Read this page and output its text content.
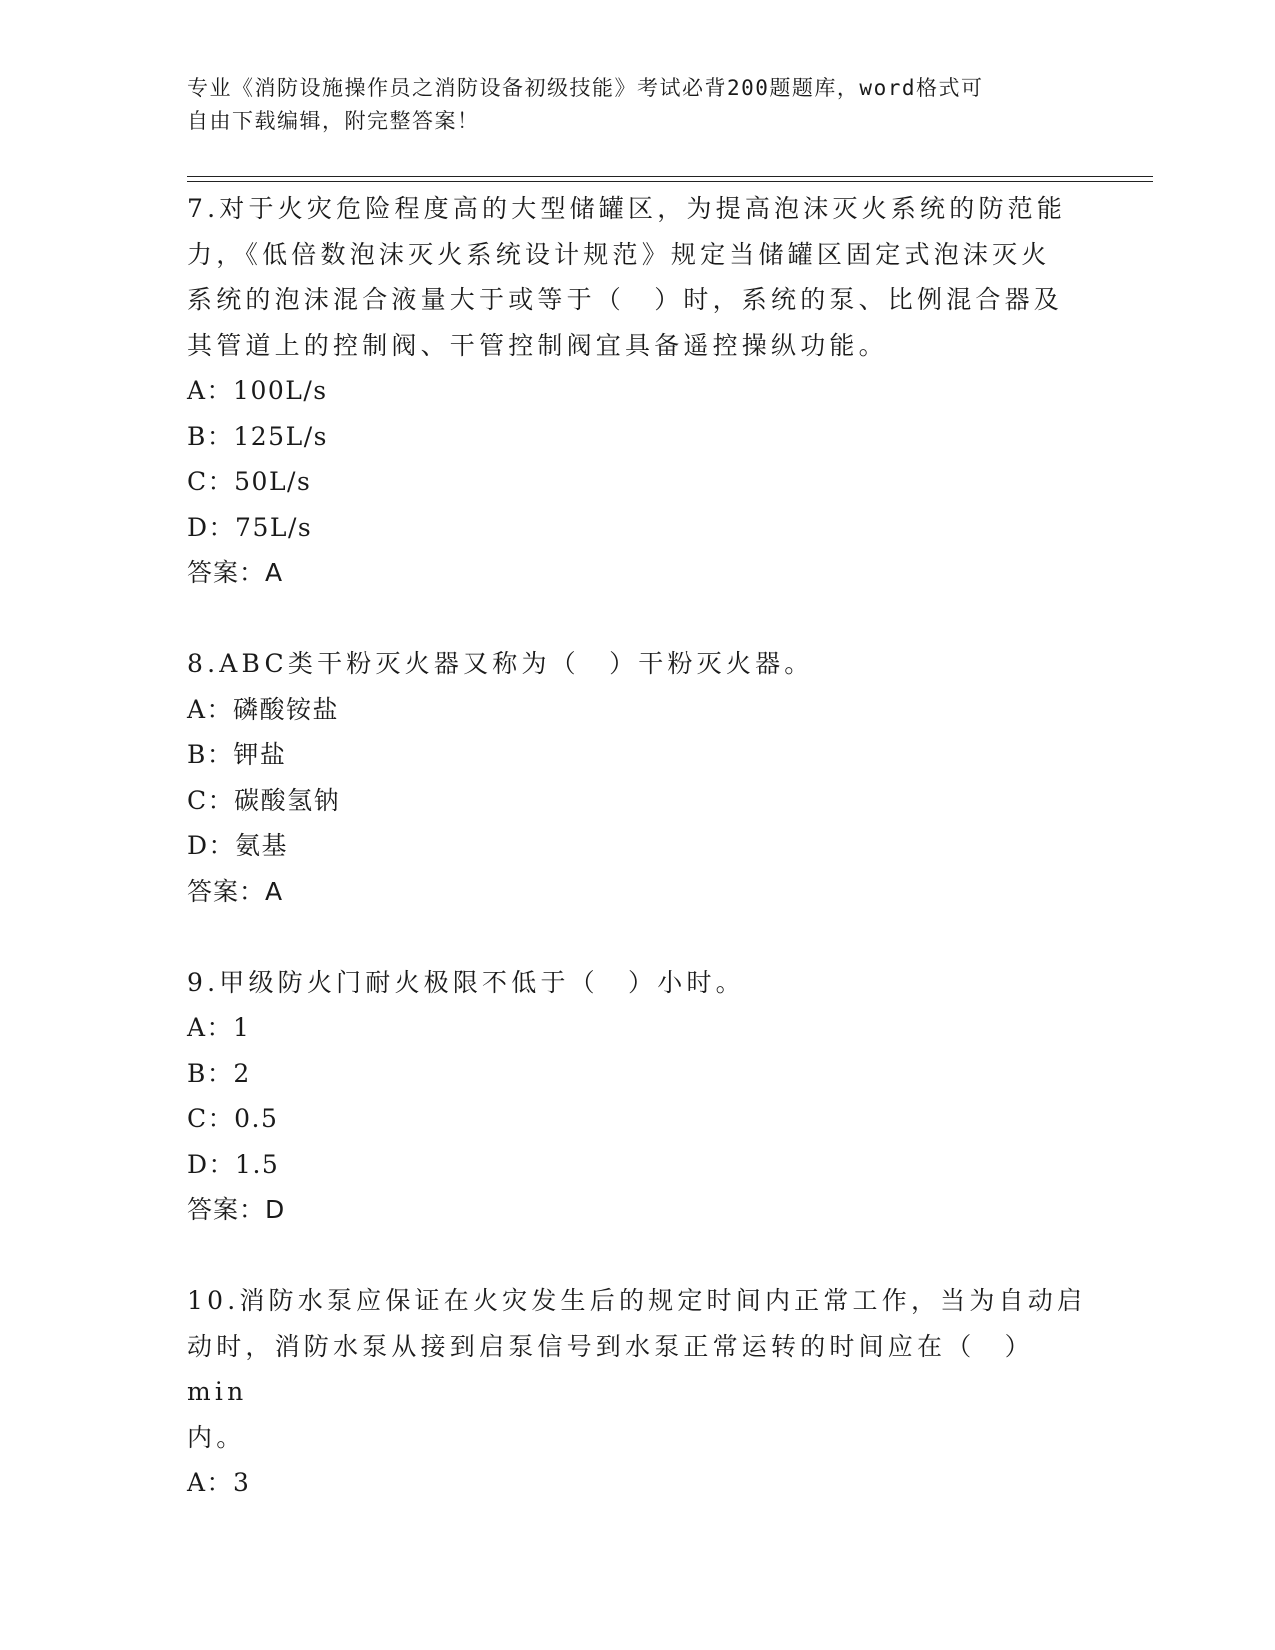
专业《消防设施操作员之消防设备初级技能》考试必背200题题库，word格式可
自由下载编辑，附完整答案！

7.对于火灾危险程度高的大型储罐区，为提高泡沫灭火系统的防范能

力，《低倍数泡沫灭火系统设计规范》规定当储罐区固定式泡沫灭火

系统的泡沫混合液量大于或等于（　）时，系统的泵、比例混合器及

其管道上的控制阀、干管控制阀宜具备遥控操纵功能。

A：100L/s

B：125L/s

C：50L/s

D：75L/s

答案：A

8.ABC类干粉灭火器又称为（　）干粉灭火器。

A：磷酸铵盐

B：钾盐

C：碳酸氢钠

D：氨基

答案：A

9.甲级防火门耐火极限不低于（　）小时。

A：1

B：2

C：0.5

D：1.5

答案：D

10.消防水泵应保证在火灾发生后的规定时间内正常工作，当为自动启

动时，消防水泵从接到启泵信号到水泵正常运转的时间应在（　）min

内。

A：3
